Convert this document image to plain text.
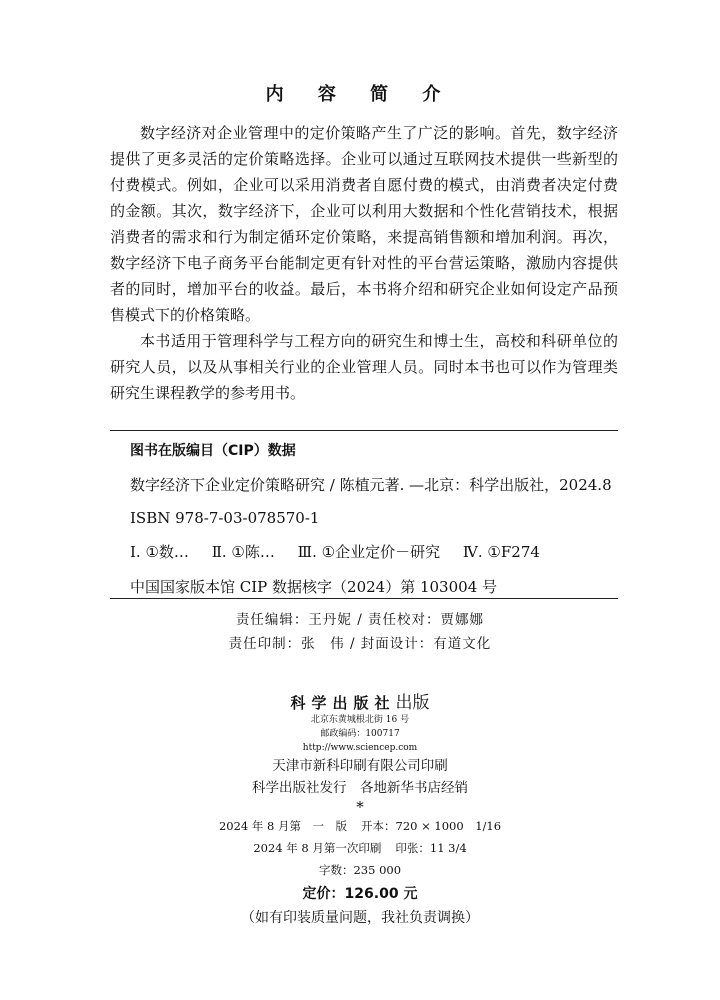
内 容 简 介

数字经济对企业管理中的定价策略产生了广泛的影响。首先，数字经济提供了更多灵活的定价策略选择。企业可以通过互联网技术提供一些新型的付费模式。例如，企业可以采用消费者自愿付费的模式，由消费者决定付费的金额。其次，数字经济下，企业可以利用大数据和个性化营销技术，根据消费者的需求和行为制定循环定价策略，来提高销售额和增加利润。再次，数字经济下电子商务平台能制定更有针对性的平台营运策略，激励内容提供者的同时，增加平台的收益。最后，本书将介绍和研究企业如何设定产品预售模式下的价格策略。

本书适用于管理科学与工程方向的研究生和博士生，高校和科研单位的研究人员，以及从事相关行业的企业管理人员。同时本书也可以作为管理类研究生课程教学的参考用书。

图书在版编目（CIP）数据
数字经济下企业定价策略研究 / 陈植元著. —北京：科学出版社，2024.8
ISBN 978-7-03-078570-1
Ⅰ. ①数… Ⅱ. ①陈… Ⅲ. ①企业定价－研究 Ⅳ. ①F274
中国国家版本馆 CIP 数据核字（2024）第 103004 号
责任编辑：王丹妮 / 责任校对：贾娜娜
责任印制：张　伟 / 封面设计：有道文化
科学出版社出版
北京东黄城根北街 16 号
邮政编码：100717
http://www.sciencep.com
天津市新科印刷有限公司印刷
科学出版社发行　各地新华书店经销
*
2024 年 8 月第　一　版 开本：720 × 1000　1/16
2024 年 8 月第一次印刷 印张：11 3/4
字数：235 000
定价：126.00 元
（如有印装质量问题，我社负责调换）
